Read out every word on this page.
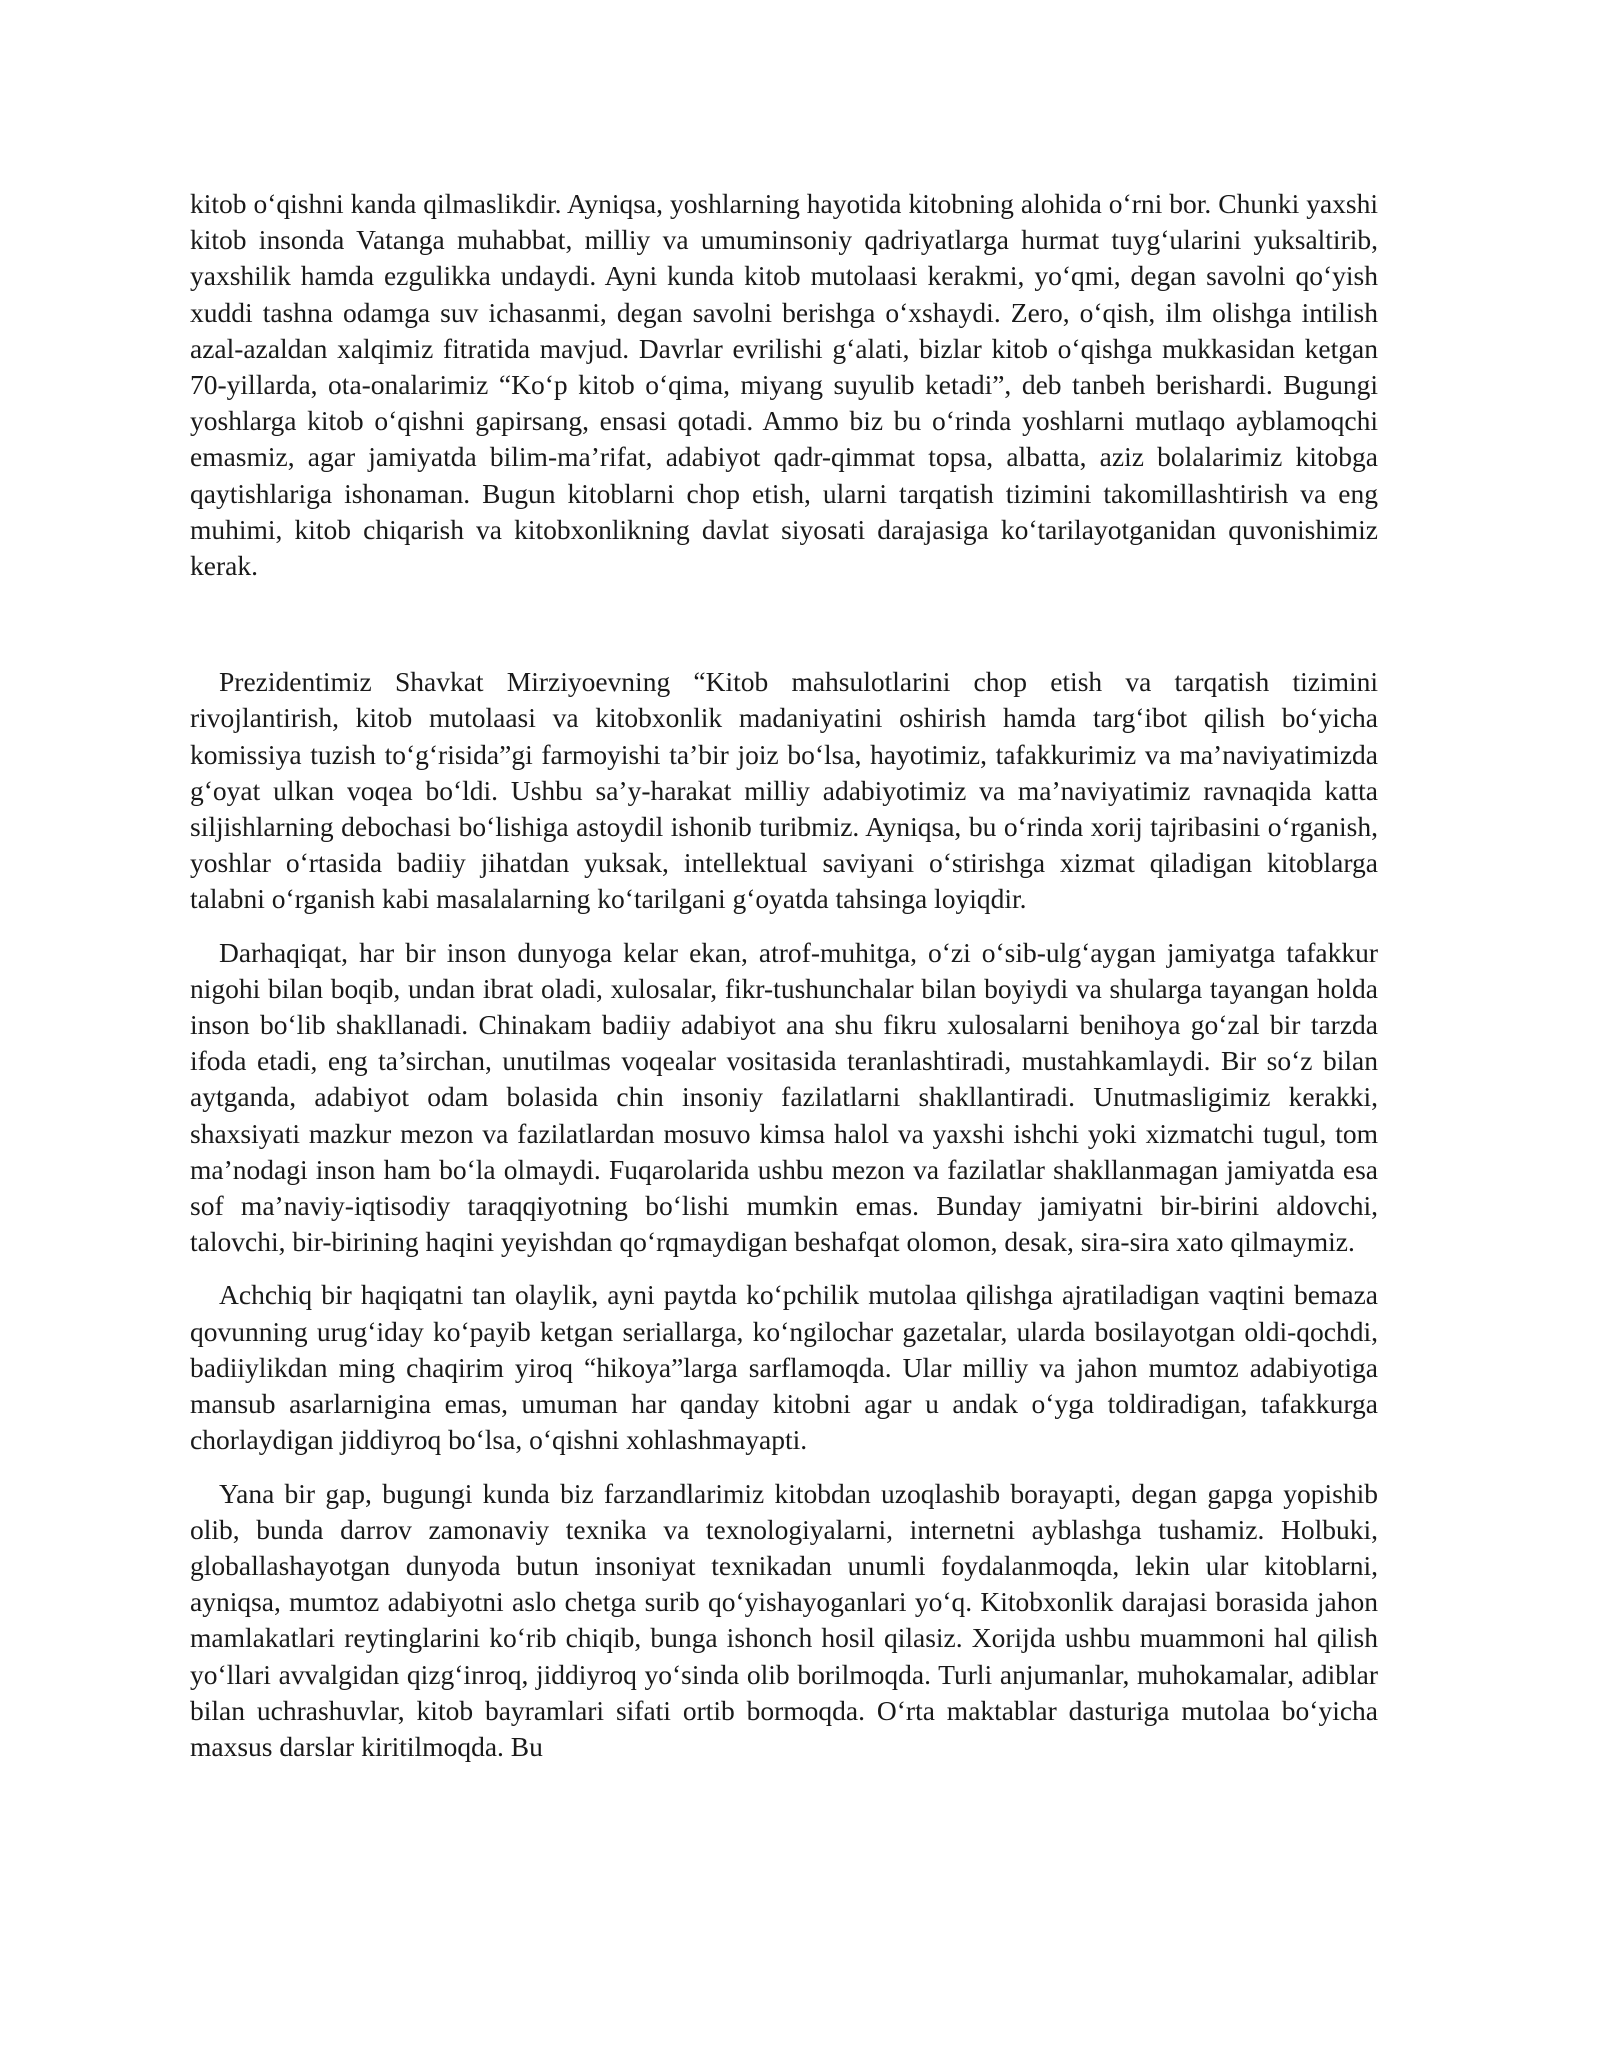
kitob o‘qishni kanda qilmaslikdir. Ayniqsa, yoshlarning hayotida kitobning alohida o‘rni bor. Chunki yaxshi kitob insonda Vatanga muhabbat, milliy va umuminsoniy qadriyatlarga hurmat tuyg‘ularini yuksaltirib, yaxshilik hamda ezgulikka undaydi. Ayni kunda kitob mutolaasi kerakmi, yo‘qmi, degan savolni qo‘yish xuddi tashna odamga suv ichasanmi, degan savolni berishga o‘xshaydi. Zero, o‘qish, ilm olishga intilish azal-azaldan xalqimiz fitratida mavjud. Davrlar evrilishi g‘alati, bizlar kitob o‘qishga mukkasidan ketgan 70-yillarda, ota-onalarimiz “Ko‘p kitob o‘qima, miyang suyulib ketadi”, deb tanbeh berishardi. Bugungi yoshlarga kitob o‘qishni gapirsang, ensasi qotadi. Ammo biz bu o‘rinda yoshlarni mutlaqo ayblamoqchi emasmiz, agar jamiyatda bilim-ma’rifat, adabiyot qadr-qimmat topsa, albatta, aziz bolalarimiz kitobga qaytishlariga ishonaman. Bugun kitoblarni chop etish, ularni tarqatish tizimini takomillashtirish va eng muhimi, kitob chiqarish va kitobxonlikning davlat siyosati darajasiga ko‘tarilayotganidan quvonishimiz kerak.

Prezidentimiz Shavkat Mirziyoevning “Kitob mahsulotlarini chop etish va tarqatish tizimini rivojlantirish, kitob mutolaasi va kitobxonlik madaniyatini oshirish hamda targ‘ibot qilish bo‘yicha komissiya tuzish to‘g‘risida”gi farmoyishi ta’bir joiz bo‘lsa, hayotimiz, tafakkurimiz va ma’naviyatimizda g‘oyat ulkan voqea bo‘ldi. Ushbu sa’y-harakat milliy adabiyotimiz va ma’naviyatimiz ravnaqida katta siljishlarning debochasi bo‘lishiga astoydil ishonib turibmiz. Ayniqsa, bu o‘rinda xorij tajribasini o‘rganish, yoshlar o‘rtasida badiiy jihatdan yuksak, intellektual saviyani o‘stirishga xizmat qiladigan kitoblarga talabni o‘rganish kabi masalalarning ko‘tarilgani g‘oyatda tahsinga loyiqdir.

Darhaqiqat, har bir inson dunyoga kelar ekan, atrof-muhitga, o‘zi o‘sib-ulg‘aygan jamiyatga tafakkur nigohi bilan boqib, undan ibrat oladi, xulosalar, fikr-tushunchalar bilan boyiydi va shularga tayangan holda inson bo‘lib shakllanadi. Chinakam badiiy adabiyot ana shu fikru xulosalarni benihoya go‘zal bir tarzda ifoda etadi, eng ta’sirchan, unutilmas voqealar vositasida teranlashtiradi, mustahkamlaydi. Bir so‘z bilan aytganda, adabiyot odam bolasida chin insoniy fazilatlarni shakllantiradi. Unutmasligimiz kerakki, shaxsiyati mazkur mezon va fazilatlardan mosuvo kimsa halol va yaxshi ishchi yoki xizmatchi tugul, tom ma’nodagi inson ham bo‘la olmaydi. Fuqarolarida ushbu mezon va fazilatlar shakllanmagan jamiyatda esa sof ma’naviy-iqtisodiy taraqqiyotning bo‘lishi mumkin emas. Bunday jamiyatni bir-birini aldovchi, talovchi, bir-birining haqini yeyishdan qo‘rqmaydigan beshafqat olomon, desak, sira-sira xato qilmaymiz.

Achchiq bir haqiqatni tan olaylik, ayni paytda ko‘pchilik mutolaa qilishga ajratiladigan vaqtini bemaza qovunning urug‘iday ko‘payib ketgan seriallarga, ko‘ngilochar gazetalar, ularda bosilayotgan oldi-qochdi, badiiylikdan ming chaqirim yiroq “hikoya”larga sarflamoqda. Ular milliy va jahon mumtoz adabiyotiga mansub asarlarnigina emas, umuman har qanday kitobni agar u andak o‘yga toldiradigan, tafakkurga chorlaydigan jiddiyroq bo‘lsa, o‘qishni xohlashmayapti.

Yana bir gap, bugungi kunda biz farzandlarimiz kitobdan uzoqlashib borayapti, degan gapga yopishib olib, bunda darrov zamonaviy texnika va texnologiyalarni, internetni ayblashga tushamiz. Holbuki, globallashayotgan dunyoda butun insoniyat texnikadan unumli foydalanmoqda, lekin ular kitoblarni, ayniqsa, mumtoz adabiyotni aslo chetga surib qo‘yishayoganlari yo‘q. Kitobxonlik darajasi borasida jahon mamlakatlari reytinglarini ko‘rib chiqib, bunga ishonch hosil qilasiz. Xorijda ushbu muammoni hal qilish yo‘llari avvalgidan qizg‘inroq, jiddiyroq yo‘sinda olib borilmoqda. Turli anjumanlar, muhokamalar, adiblar bilan uchrashuvlar, kitob bayramlari sifati ortib bormoqda. O‘rta maktablar dasturiga mutolaa bo‘yicha maxsus darslar kiritilmoqda. Bu
